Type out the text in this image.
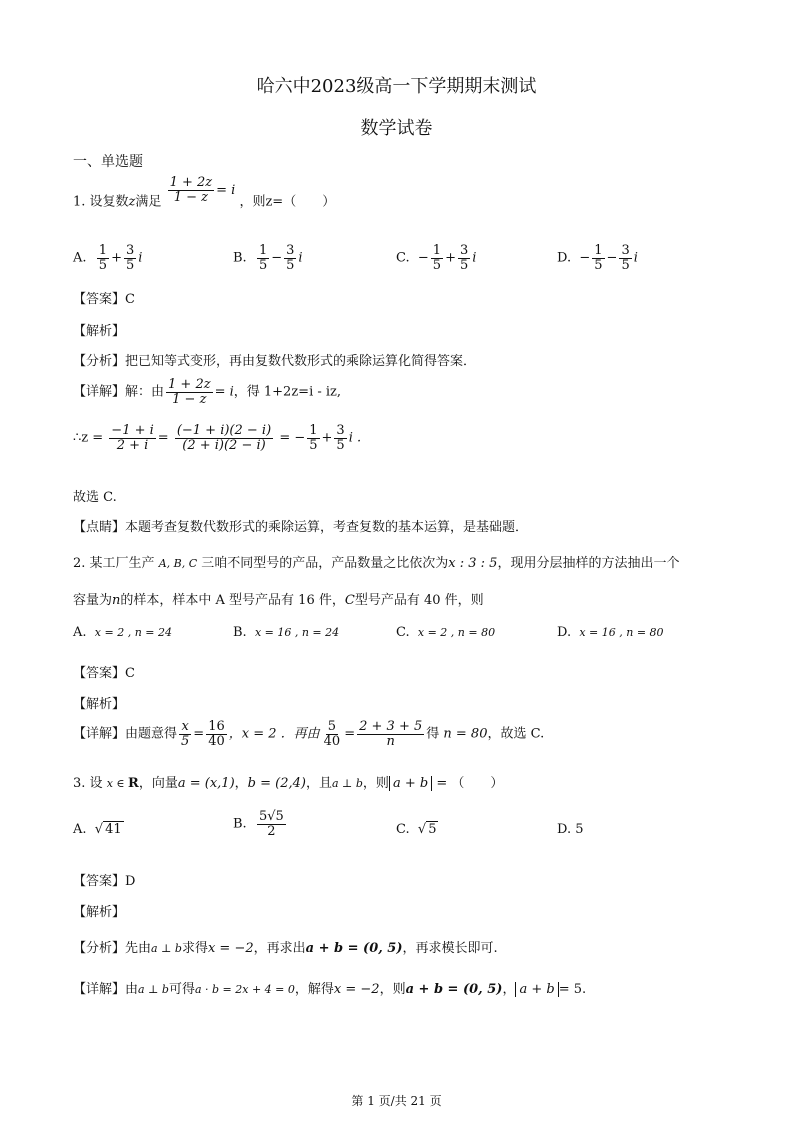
哈六中2023级高一下学期期末测试
数学试卷
一、单选题
1. 设复数z满足 $\frac{1 + 2z}{1 - z} = i$ ，则z=（　　）
A. $\frac{1}{5} + \frac{3}{5}$ i	B. $\frac{1}{5} - \frac{3}{5}$ i	C. − $\frac{1}{5} + \frac{3}{5}$ i	D. − $\frac{1}{5} - \frac{3}{5}$ i
【答案】C
【解析】
【分析】把已知等式变形，再由复数代数形式的乘除运算化简得答案．
【详解】解：由 $\frac{1 + 2z}{1 - z} = i$，得 1+2z=i - iz,
∴z = $\frac{-1 + i}{2 + i} = \frac{(-1 + i)(2 - i)}{(2 + i)(2 - i)}$ = − $\frac{1}{5} + \frac{3}{5}$ i .
故选 C.
【点睛】本题考查复数代数形式的乘除运算，考查复数的基本运算，是基础题．
2. 某工厂生产 A, B, C 三咱不同型号的产品，产品数量之比依次为x : 3 : 5，现用分层抽样的方法抽出一个
容量为n的样本，样本中 A 型号产品有 16 件，C型号产品有 40 件，则
A. x = 2 , n = 24	B. x = 16 , n = 24	C. x = 2 , n = 80	D. x = 16 , n = 80
【答案】C
【解析】
【详解】由题意得 $\frac{x}{5} = \frac{16}{40}$ ，x = 2 ．再由 $\frac{5}{40} = \frac{2 + 3 + 5}{n}$ 得 n = 80，故选 C.
3. 设 x ∈ R，向量a = (x,1)，b = (2,4)，且a ⊥ b，则 a + b = （　　）
A.  √ 41	B. $\frac{5√5}{2}$	C.  √ 5	D. 5
【答案】D
【解析】
【分析】先由a ⊥ b求得x = −2，再求出a + b = (0, 5)，再求模长即可.
【详解】由a ⊥ b可得a · b = 2x + 4 = 0，解得x = −2，则a + b = (0, 5)， a + b = 5.
第 1 页/共 21 页
